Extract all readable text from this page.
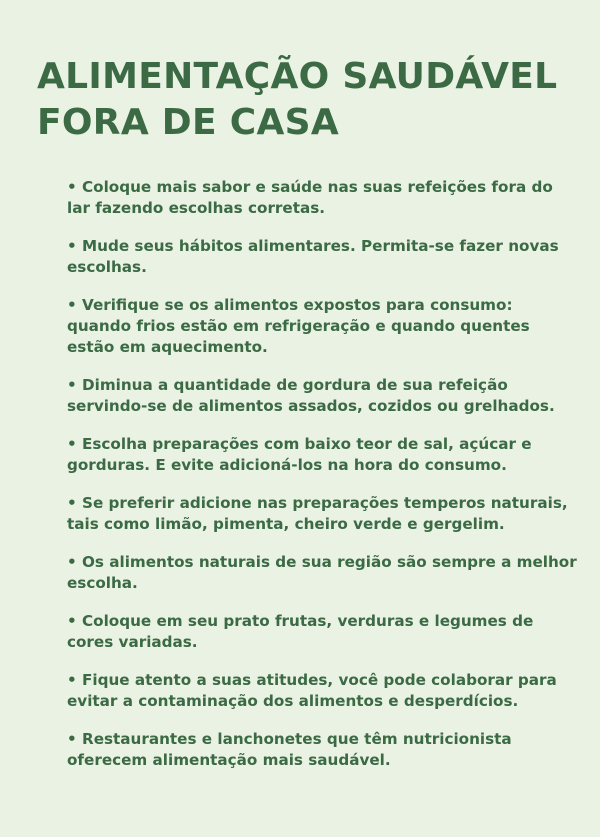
ALIMENTAÇÃO SAUDÁVEL
FORA DE CASA
• Coloque mais sabor e saúde nas suas refeições fora do lar fazendo escolhas corretas.
• Mude seus hábitos alimentares. Permita-se fazer novas escolhas.
• Verifique se os alimentos expostos para consumo: quando frios estão em refrigeração e quando quentes estão em aquecimento.
• Diminua a quantidade de gordura de sua refeição servindo-se de alimentos assados, cozidos ou grelhados.
• Escolha preparações com baixo teor de sal, açúcar e gorduras. E evite adicioná-los na hora do consumo.
• Se preferir adicione nas preparações temperos naturais, tais como limão, pimenta, cheiro verde e gergelim.
• Os alimentos naturais de sua região são sempre a melhor escolha.
• Coloque em seu prato frutas, verduras e legumes de cores variadas.
• Fique atento a suas atitudes, você pode colaborar para evitar a contaminação dos alimentos e desperdícios.
• Restaurantes e lanchonetes que têm nutricionista oferecem alimentação mais saudável.
